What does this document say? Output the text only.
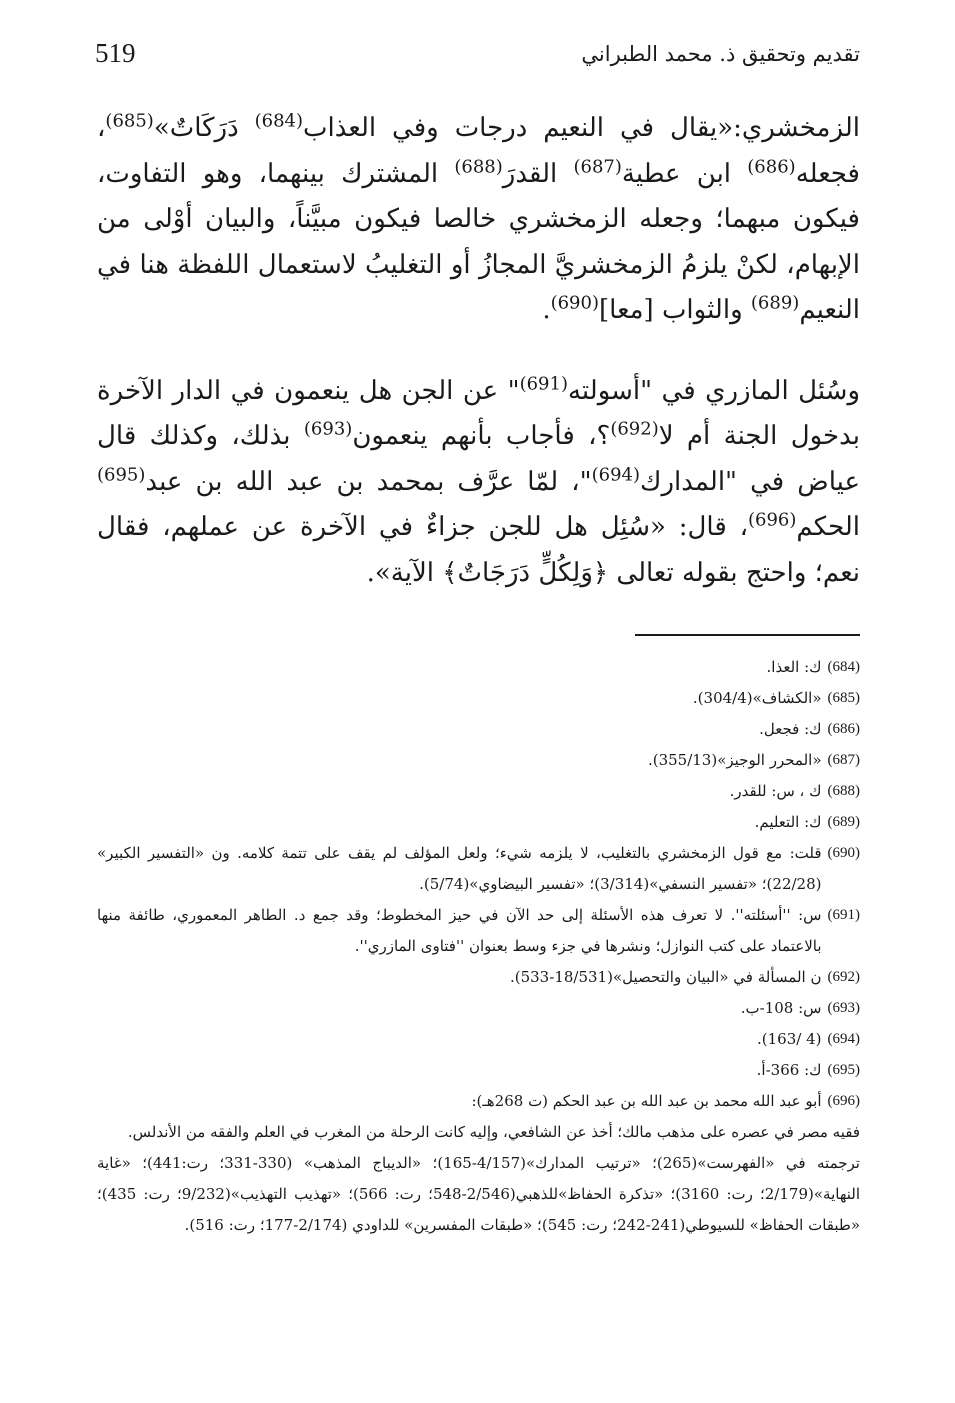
519	تقديم وتحقيق ذ. محمد الطبراني

الزمخشري:«يقال في النعيم درجات وفي العذاب$^{(684)}$ دَرَكَاتٌ»$^{(685)}$، فجعله$^{(686)}$ ابن عطية$^{(687)}$ القدرَ$^{(688)}$ المشترك بينهما، وهو التفاوت، فيكون مبهما؛ وجعله الزمخشري خالصا فيكون مبيَّناً، والبيان أوْلى من الإبهام، لكنْ يلزمُ الزمخشريَّ المجازُ أو التغليبُ لاستعمال اللفظة هنا في النعيم$^{(689)}$ والثواب [معا]$^{(690)}$.

وسُئل المازري في "أسولته$^{(691)}$" عن الجن هل ينعمون في الدار الآخرة بدخول الجنة أم لا$^{(692)}$؟، فأجاب بأنهم ينعمون$^{(693)}$ بذلك، وكذلك قال عياض في "المدارك$^{(694)}$"، لمّا عرَّف بمحمد بن عبد الله بن عبد$^{(695)}$ الحكم$^{(696)}$، قال: «سُئِل هل للجن جزاءٌ في الآخرة عن عملهم، فقال نعم؛ واحتج بقوله تعالى ﴿وَلِكُلٍّ دَرَجَاتٌ﴾ الآية».

(684)
ك: العذا.
(685)
«الكشاف»(304/4).
(686)
ك: فجعل.
(687)
«المحرر الوجيز»(355/13).
(688)
ك ، س: للقدر.
(689)
ك: التعليم.
(690)
قلت: مع قول الزمخشري بالتغليب، لا يلزمه شيء؛ ولعل المؤلف لم يقف على تتمة كلامه. ون «التفسير الكبير» (22/28)؛ «تفسير النسفي»(3/314)؛ «تفسير البيضاوي»(5/74).
(691)
س: ''أسئلته''. لا تعرف هذه الأسئلة إلى حد الآن في حيز المخطوط؛ وقد جمع د. الطاهر المعموري، طائفة منها بالاعتماد على كتب النوازل؛ ونشرها في جزء وسط بعنوان ''فتاوى المازري''.
(692)
ن المسألة في «البيان والتحصيل»(18/531-533).
(693)
س: 108-ب.
(694)
(4 /163).
(695)
ك: 366-أ.
(696)
أبو عبد الله محمد بن عبد الله بن عبد الحكم (ت 268هـ):
فقيه مصر في عصره على مذهب مالك؛ أخذ عن الشافعي، وإليه كانت الرحلة من المغرب في العلم والفقه من الأندلس.
ترجمته في «الفهرست»(265)؛ «ترتيب المدارك»(4/157-165)؛ «الديباج المذهب» (330-331؛ رت:441)؛ «غاية النهاية»(2/179؛ رت: 3160)؛ «تذكرة الحفاظ»للذهبي(2/546-548؛ رت: 566)؛ «تهذيب التهذيب»(9/232؛ رت: 435)؛ «طبقات الحفاظ» للسيوطي(241-242؛ رت: 545)؛ «طبقات المفسرين» للداودي (2/174-177؛ رت: 516).
